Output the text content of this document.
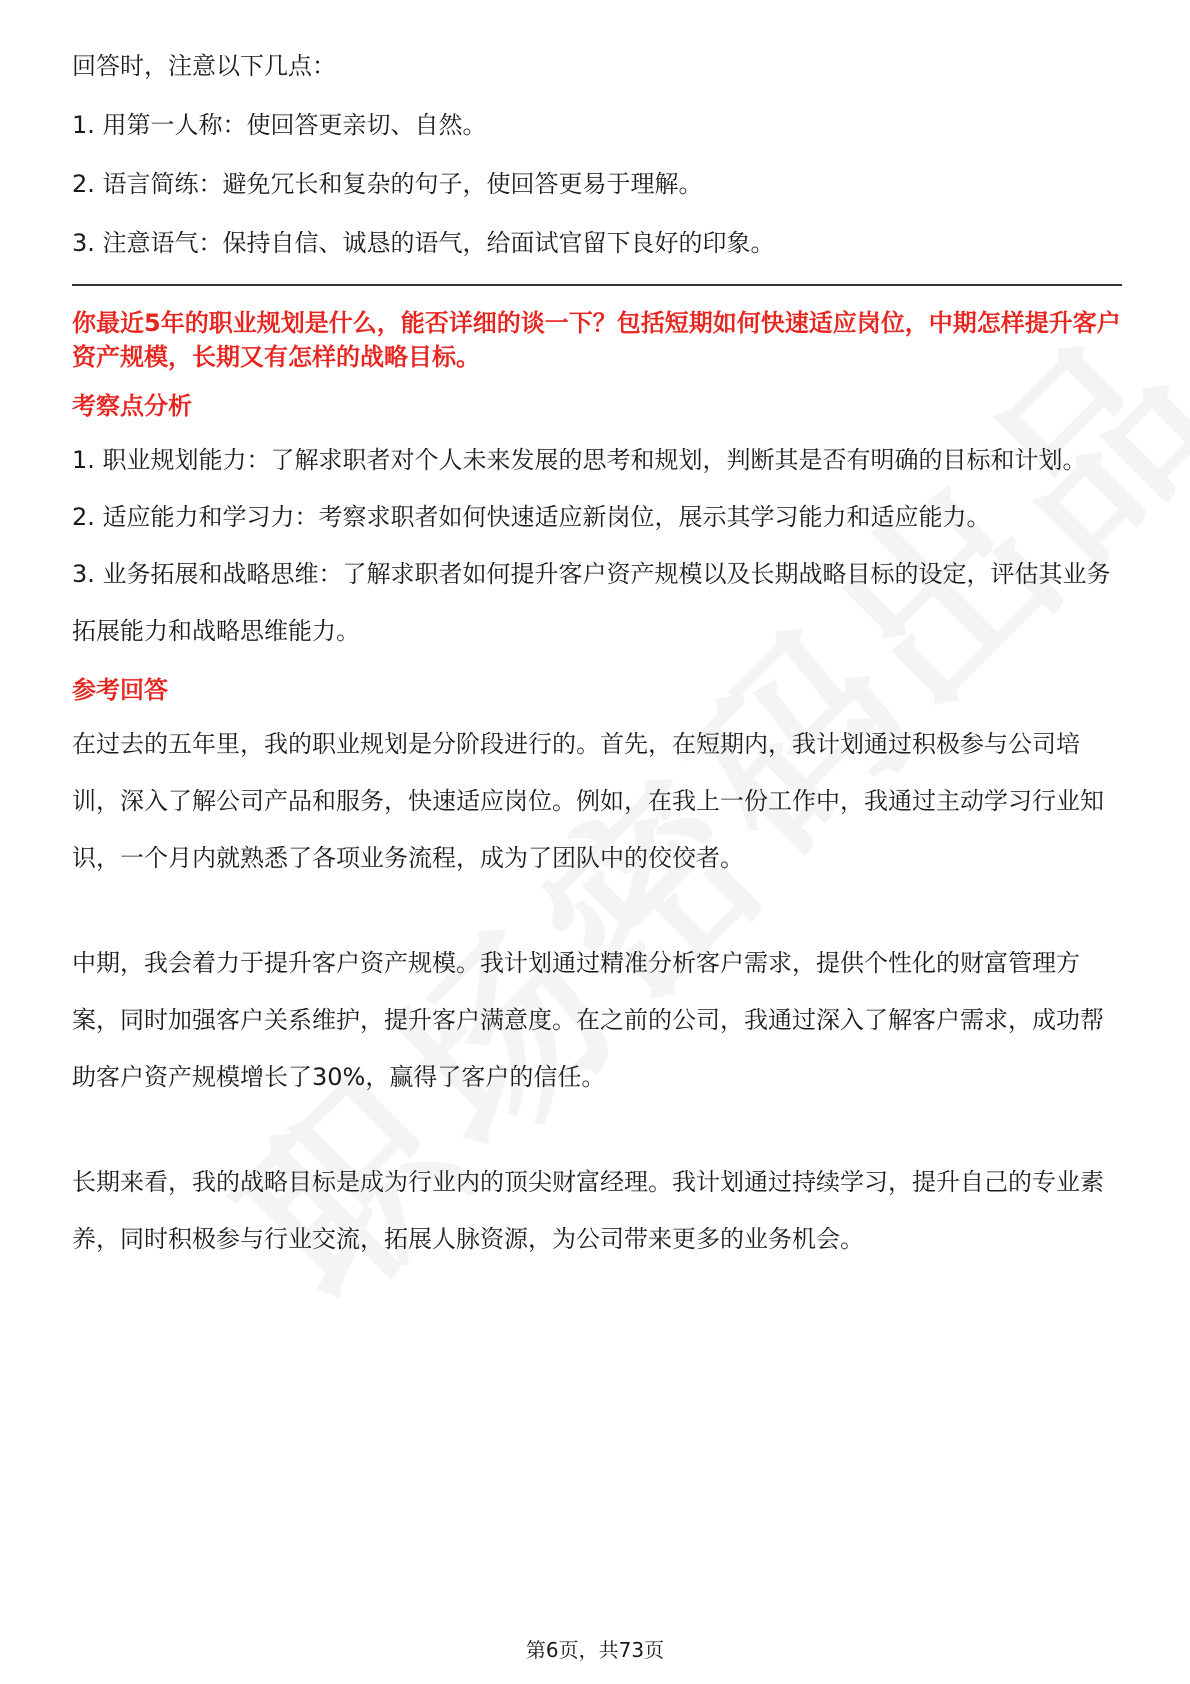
回答时，注意以下几点：

1. 用第一人称：使回答更亲切、自然。

2. 语言简练：避免冗长和复杂的句子，使回答更易于理解。

3. 注意语气：保持自信、诚恳的语气，给面试官留下良好的印象。

你最近5年的职业规划是什么，能否详细的谈一下？包括短期如何快速适应岗位，中期怎样提升客户资产规模，长期又有怎样的战略目标。

考察点分析

1. 职业规划能力：了解求职者对个人未来发展的思考和规划，判断其是否有明确的目标和计划。

2. 适应能力和学习力：考察求职者如何快速适应新岗位，展示其学习能力和适应能力。

3. 业务拓展和战略思维：了解求职者如何提升客户资产规模以及长期战略目标的设定，评估其业务拓展能力和战略思维能力。

参考回答

在过去的五年里，我的职业规划是分阶段进行的。首先，在短期内，我计划通过积极参与公司培训，深入了解公司产品和服务，快速适应岗位。例如，在我上一份工作中，我通过主动学习行业知识，一个月内就熟悉了各项业务流程，成为了团队中的佼佼者。

中期，我会着力于提升客户资产规模。我计划通过精准分析客户需求，提供个性化的财富管理方案，同时加强客户关系维护，提升客户满意度。在之前的公司，我通过深入了解客户需求，成功帮助客户资产规模增长了30%，赢得了客户的信任。

长期来看，我的战略目标是成为行业内的顶尖财富经理。我计划通过持续学习，提升自己的专业素养，同时积极参与行业交流，拓展人脉资源，为公司带来更多的业务机会。

第6页，共73页
